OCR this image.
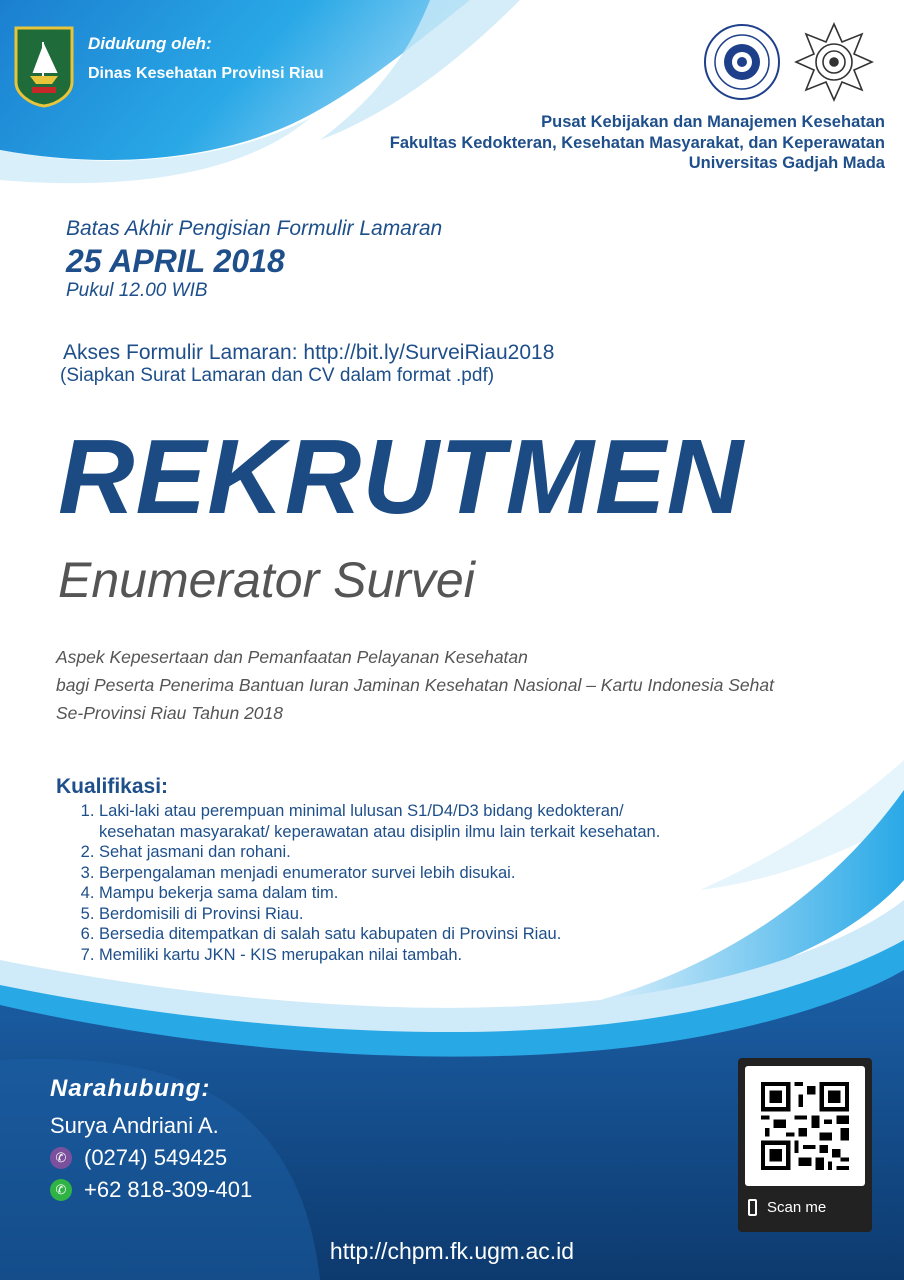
Didukung oleh:
Dinas Kesehatan Provinsi Riau
Pusat Kebijakan dan Manajemen Kesehatan
Fakultas Kedokteran, Kesehatan Masyarakat, dan Keperawatan
Universitas Gadjah Mada
Batas Akhir Pengisian Formulir Lamaran
25 APRIL 2018
Pukul 12.00 WIB
Akses Formulir Lamaran: http://bit.ly/SurveiRiau2018
(Siapkan Surat Lamaran dan CV dalam format .pdf)
REKRUTMEN
Enumerator Survei
Aspek Kepesertaan dan Pemanfaatan Pelayanan Kesehatan
bagi Peserta Penerima Bantuan Iuran Jaminan Kesehatan Nasional – Kartu Indonesia Sehat
Se-Provinsi Riau Tahun 2018
Kualifikasi:
1. Laki-laki atau perempuan minimal lulusan S1/D4/D3 bidang kedokteran/ kesehatan masyarakat/ keperawatan atau disiplin ilmu lain terkait kesehatan.
2. Sehat jasmani dan rohani.
3. Berpengalaman menjadi enumerator survei lebih disukai.
4. Mampu bekerja sama dalam tim.
5. Berdomisili di Provinsi Riau.
6. Bersedia ditempatkan di salah satu kabupaten di Provinsi Riau.
7. Memiliki kartu JKN - KIS merupakan nilai tambah.
Narahubung:
Surya Andriani A.
✆ (0274) 549425
✆ +62 818-309-401
Scan me
http://chpm.fk.ugm.ac.id
